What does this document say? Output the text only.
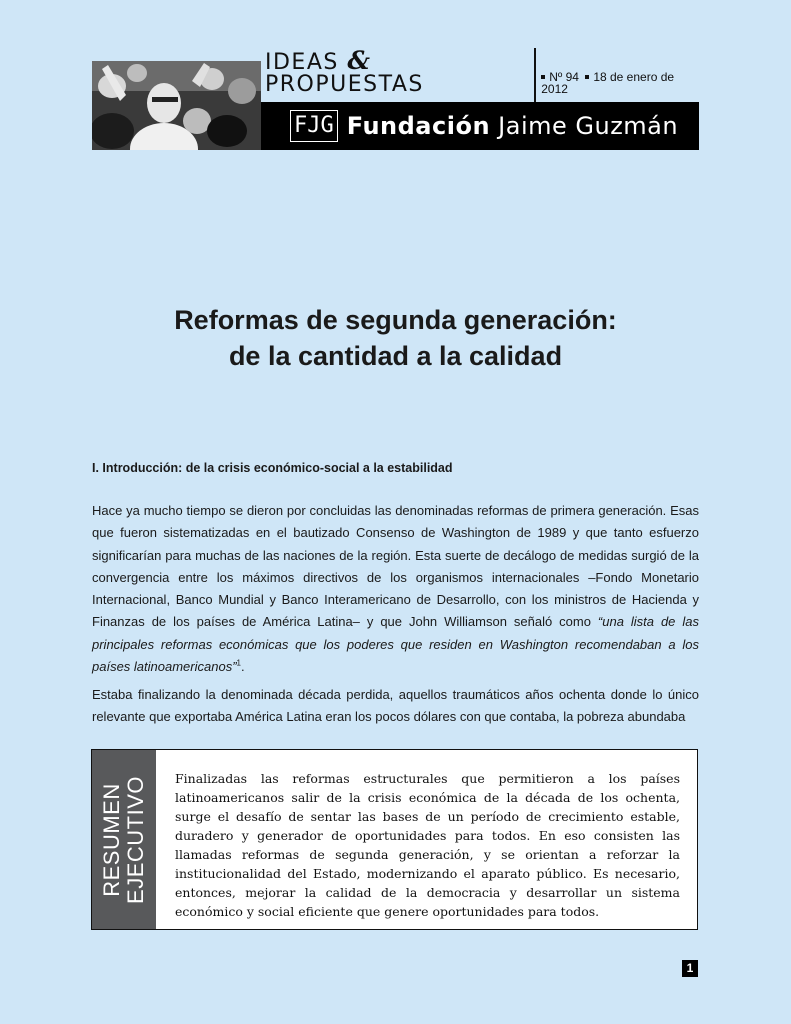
IDEAS & PROPUESTAS	Nº 94 18 de enero de 2012
FJG Fundación Jaime Guzmán
Reformas de segunda generación:
de la cantidad a la calidad
I. Introducción: de la crisis económico-social a la estabilidad

Hace ya mucho tiempo se dieron por concluidas las denominadas reformas de primera generación. Esas que fueron sistematizadas en el bautizado Consenso de Washington de 1989 y que tanto esfuerzo significarían para muchas de las naciones de la región. Esta suerte de decálogo de medidas surgió de la convergencia entre los máximos directivos de los organismos internacionales –Fondo Monetario Internacional, Banco Mundial y Banco Interamericano de Desarrollo, con los ministros de Hacienda y Finanzas de los países de América Latina– y que John Williamson señaló como “una lista de las principales reformas económicas que los poderes que residen en Washington recomendaban a los países latinoamericanos”$^1$.

Estaba finalizando la denominada década perdida, aquellos traumáticos años ochenta donde lo único relevante que exportaba América Latina eran los pocos dólares con que contaba, la pobreza abundaba

RESUMEN EJECUTIVO Finalizadas las reformas estructurales que permitieron a los países latinoamericanos salir de la crisis económica de la década de los ochenta, surge el desafío de sentar las bases de un período de crecimiento estable, duradero y generador de oportunidades para todos. En eso consisten las llamadas reformas de segunda generación, y se orientan a reforzar la institucionalidad del Estado, modernizando el aparato público. Es necesario, entonces, mejorar la calidad de la democracia y desarrollar un sistema económico y social eficiente que genere oportunidades para todos.

1
